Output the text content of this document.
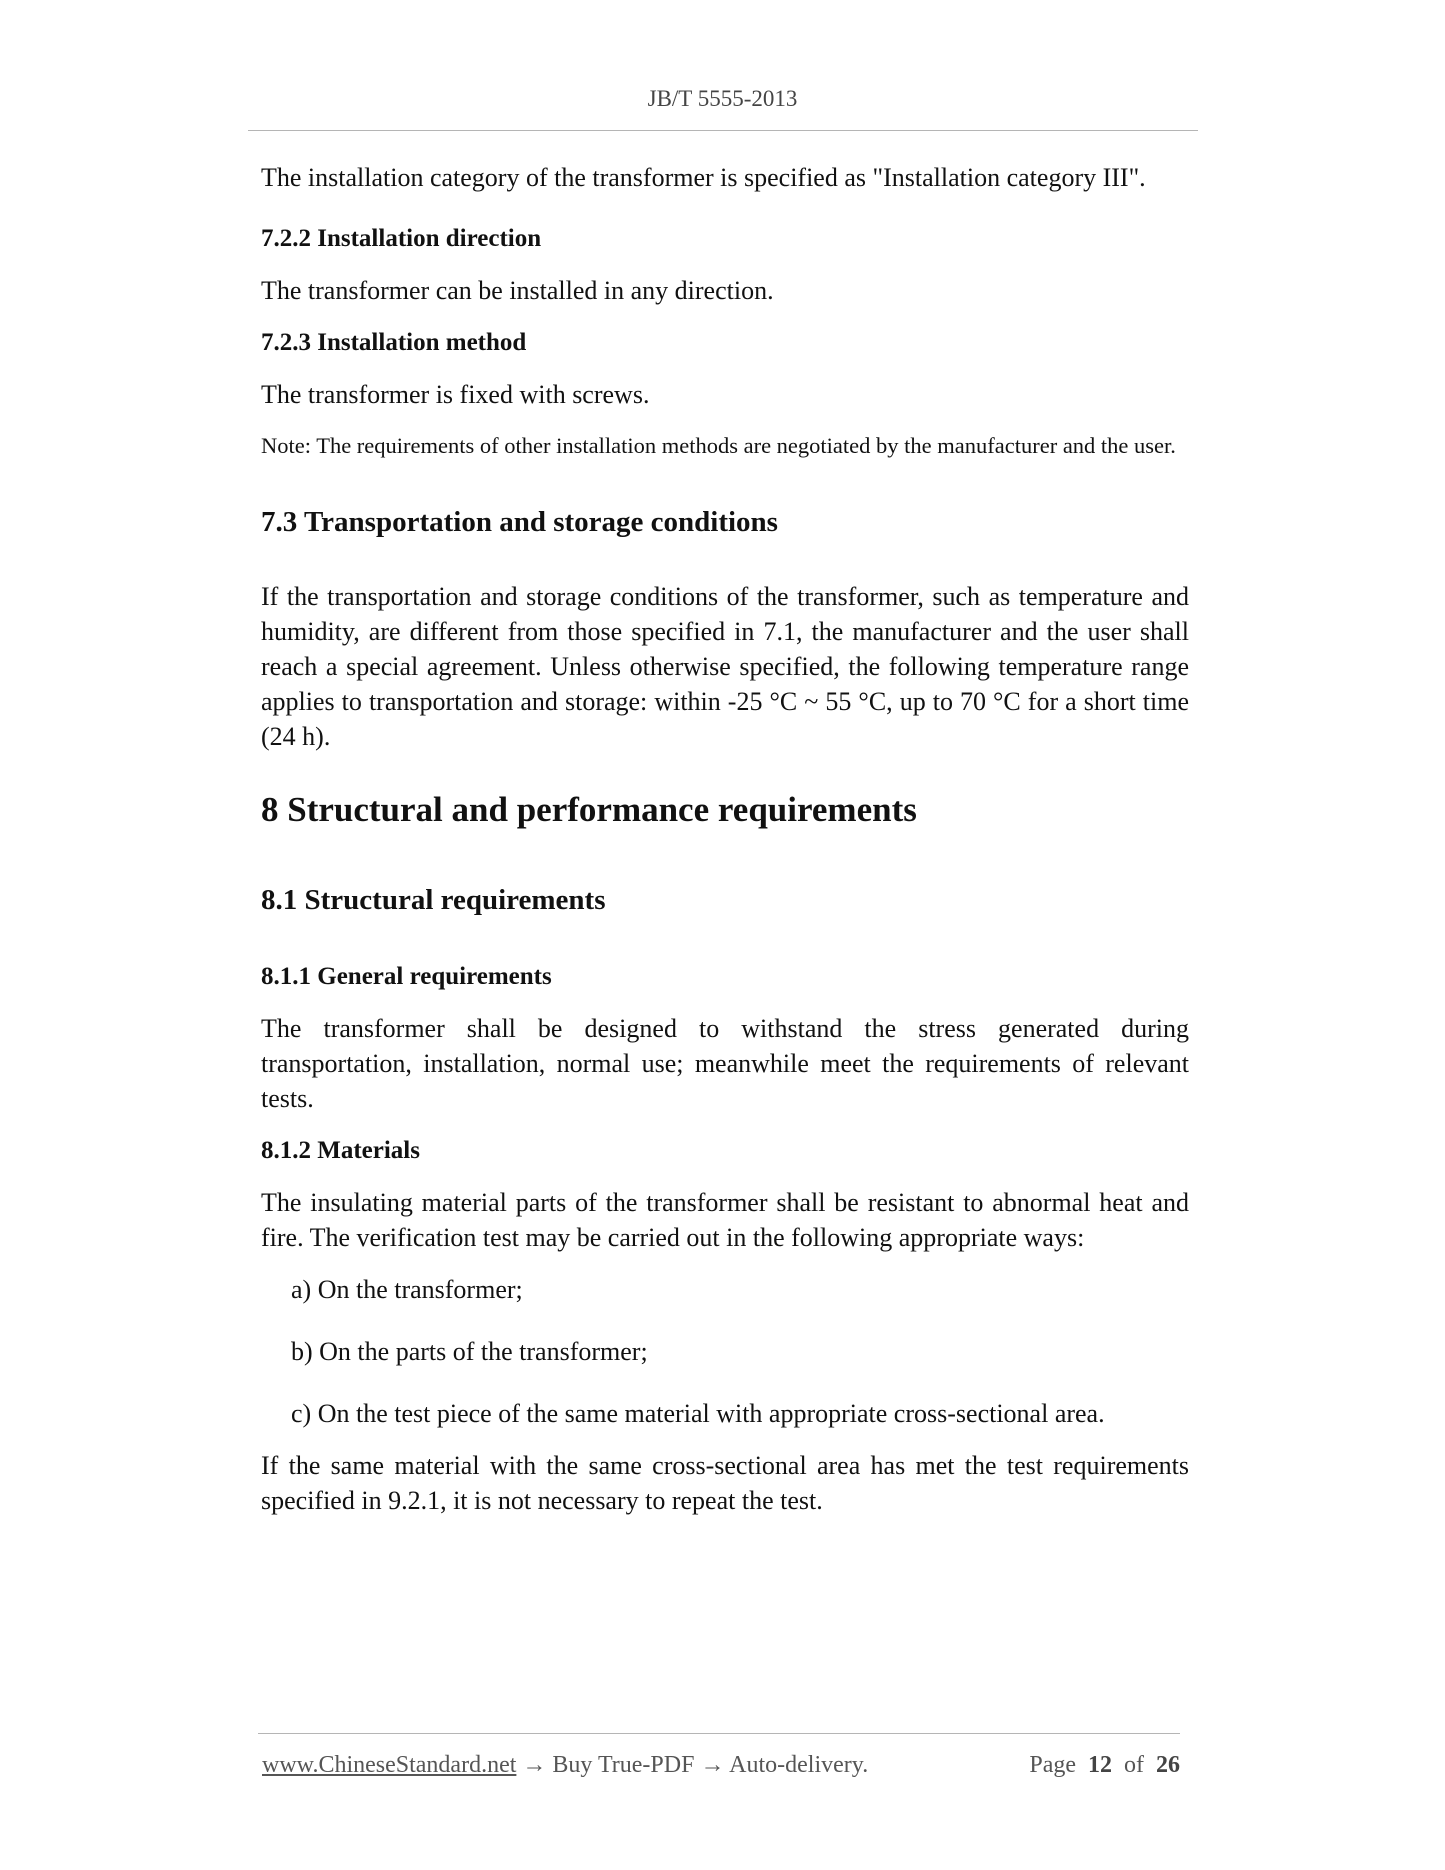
JB/T 5555-2013

The installation category of the transformer is specified as "Installation category III".

7.2.2 Installation direction

The transformer can be installed in any direction.

7.2.3 Installation method

The transformer is fixed with screws.

Note: The requirements of other installation methods are negotiated by the manufacturer and the user.

7.3 Transportation and storage conditions

If the transportation and storage conditions of the transformer, such as temperature and humidity, are different from those specified in 7.1, the manufacturer and the user shall reach a special agreement. Unless otherwise specified, the following temperature range applies to transportation and storage: within -25 °C ~ 55 °C, up to 70 °C for a short time (24 h).

8 Structural and performance requirements

8.1 Structural requirements

8.1.1 General requirements

The transformer shall be designed to withstand the stress generated during transportation, installation, normal use; meanwhile meet the requirements of relevant tests.

8.1.2 Materials

The insulating material parts of the transformer shall be resistant to abnormal heat and fire. The verification test may be carried out in the following appropriate ways:

a) On the transformer;

b) On the parts of the transformer;

c) On the test piece of the same material with appropriate cross-sectional area.

If the same material with the same cross-sectional area has met the test requirements specified in 9.2.1, it is not necessary to repeat the test.

www.ChineseStandard.net → Buy True-PDF → Auto-delivery.	Page 12 of 26
